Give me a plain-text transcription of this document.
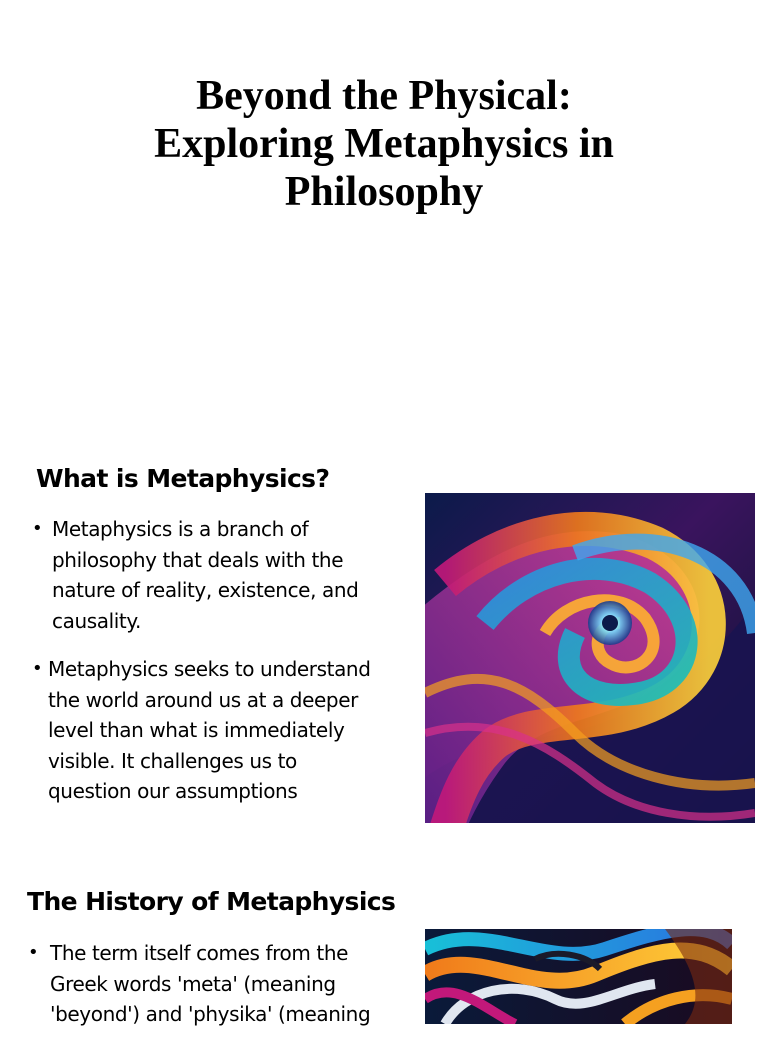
Beyond the Physical:
Exploring Metaphysics in
Philosophy
What is Metaphysics?
• Metaphysics is a branch of
philosophy that deals with the
nature of reality, existence, and
causality.
• Metaphysics seeks to understand
the world around us at a deeper
level than what is immediately
visible. It challenges us to
question our assumptions
The History of Metaphysics
• The term itself comes from the
Greek words 'meta' (meaning
'beyond') and 'physika' (meaning
